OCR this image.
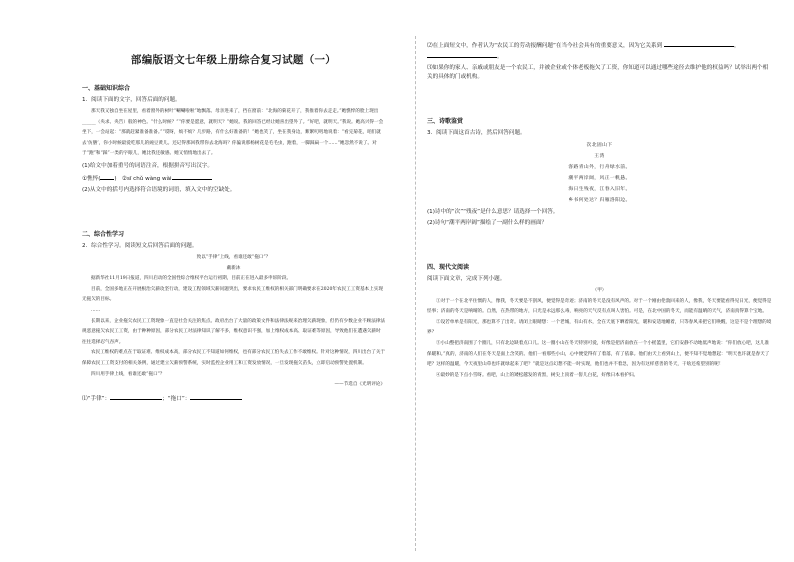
部编版语文七年级上册综合复习试题（一）
一、基础知识综合
1．阅读下面的文字，回答后面的问题。

那天我又独自坐在屋里，看着窗外的树叶“唰唰啦啦”地飘落。母亲进来了，挡在窗前：“北海的菊花开了，我推着你去走走。”她憔悴的脸上现出______（央求、央告）般的神色。“什么时候？”“你要是愿意，就明天？”她说。我的回答已经让她喜出望外了。“好吧，就明天。”我说。她高兴得一会坐下，一会站起：“那就赶紧准备准备。”“哎呀，烦不烦？几步路，有什么好准备的！”她也笑了，坐在我身边，絮絮叨叨地说着：“看完菊花，咱们就去‘仿膳’，你小时候最爱吃那儿的豌豆黄儿。还记得那回我带你去北海吗？你偏说那杨树花是毛毛虫，跑着，一脚踩扁一个……”她忽然不说了。对于“跑”和“踩”一类的字眼儿，她比我还敏感。她又悄悄地出去了。

(1)给文中加着重号的词语注音，根据拼音写出汉字。
①憔悴(	) ②sī chǔ wàng wài
(2)从文中的括号内选择符合语境的词语，填入文中的空缺处。
二、综合性学习
2．综合性学习。阅读短文后回答后面的问题。

致以“手律”上线，看谁还敢“拖口”？

戴新沐

据新华社11月19日报道，四川启动的全国性综合维权平台运行初期，目前正在进入最多申诉阶段。

目前，全国多地正在开展根治欠薪攻坚行动，建设工程领域欠薪问题突出，要求农民工维权的相关部门明确要求在2020年农民工工资基本上实现无拖欠的目标。

……

长期以来，企业拖欠农民工工资现象一直是社会关注的焦点。政府出台了大量的政策文件和法律法规来治理欠薪现象，但仍有少数企业不顾法律法规恶意拖欠农民工工资，由于种种原因，部分农民工对法律知识了解不多，维权意识不强，加上维权成本高、取证难等原因，导致他们在遭遇欠薪时往往选择忍气吞声。

农民工维权的难点在于取证难、维权成本高，部分农民工不知道如何维权，也有部分农民工怕失去工作不敢维权。针对这种情况，四川出台了关于保障农民工工资支付的相关条例，通过建立欠薪预警系统，实时监控企业用工和工资发放情况，一旦发现拖欠苗头，立即启动预警处置机制。

四川用手律上线，看谁还敢“拖口”？

——节选自《光明评论》

⑴“手律”：	；“拖口”：
⑵在上面短文中，作者认为“农民工的劳动报酬问题”在当今社会具有的重要意义，因为它关系到	，。
⑶如果你的家人、亲戚或朋友是一个农民工，并被企业或个体老板拖欠了工资，你知道可以通过哪些途径去维护他的权益吗？试举出两个相关的具体的门或机构。
三、诗歌鉴赏
3．阅读下面这首古诗，然后回答问题。

次北固山下

王湾

客路青山外，行舟绿水前。

潮平两岸阔，风正一帆悬。

海日生残夜，江春入旧年。

乡书何处达？归雁洛阳边。

(1)诗中的“次”“残夜”是什么意思？请选择一个回答。
(2)诗句“潮平两岸阔”描绘了一副什么样的画面？
四、现代文阅读
阅读下面文章，完成下列小题。

（甲）

①对于一个在北平住惯的人，像我，冬天要是不刮风，便觉得是奇迹；济南的冬天是没有风声的。对于一个刚由伦敦回来的人，像我，冬天要能看得见日光，便觉得是怪事；济南的冬天是响晴的。自然，在热带的地方，日光是永远那么毒，响亮的天气反有点叫人害怕。可是，在北中国的冬天，而能有温晴的天气，济南真得算个宝地。

②设若单单是有阳光，那也算不了出奇。请闭上眼睛想：一个老城，有山有水，全在天底下晒着阳光，暖和安适地睡着，只等春风来把它们唤醒，这是不是个理想的境界？

③小山整把济南围了个圈儿，只有北边缺着点口儿。这一圈小山在冬天特别可爱，好像是把济南放在一个小摇篮里，它们安静不动地低声地说：“你们放心吧，这儿准保暖和。”真的，济南的人们在冬天是面上含笑的。他们一看那些小山，心中便觉得有了着落，有了依靠。他们由天上看到山上，便不知不觉地想起：“明天也许就是春天了吧？这样的温暖，今天夜里山草也许就绿起来了吧？”就是这点幻想不能一时实现，他们也并不着急，因为有这样慈善的冬天，干啥还希望别的呢！

④最妙的是下点小雪呀。看吧，山上的矮松越发的青黑，树尖上顶着一髻儿白花，好像日本看护妇。
